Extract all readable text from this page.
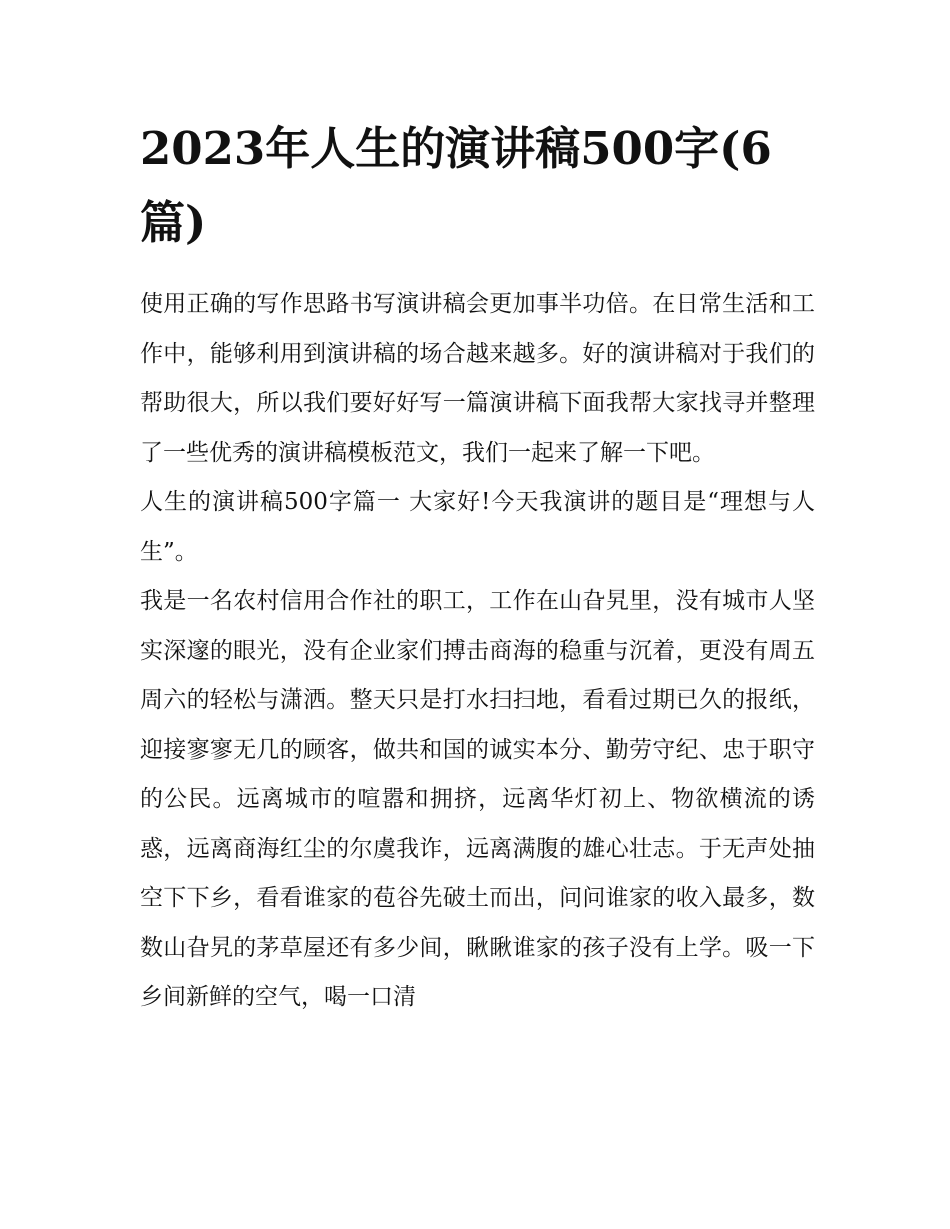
2023年人生的演讲稿500字(6篇)

使用正确的写作思路书写演讲稿会更加事半功倍。在日常生活和工作中，能够利用到演讲稿的场合越来越多。好的演讲稿对于我们的帮助很大，所以我们要好好写一篇演讲稿下面我帮大家找寻并整理了一些优秀的演讲稿模板范文，我们一起来了解一下吧。

人生的演讲稿500字篇一 大家好!今天我演讲的题目是“理想与人生”。

我是一名农村信用合作社的职工，工作在山旮旯里，没有城市人坚实深邃的眼光，没有企业家们搏击商海的稳重与沉着，更没有周五周六的轻松与潇洒。整天只是打水扫扫地，看看过期已久的报纸，迎接寥寥无几的顾客，做共和国的诚实本分、勤劳守纪、忠于职守的公民。远离城市的喧嚣和拥挤，远离华灯初上、物欲横流的诱惑，远离商海红尘的尔虞我诈，远离满腹的雄心壮志。于无声处抽空下下乡，看看谁家的苞谷先破土而出，问问谁家的收入最多，数数山旮旯的茅草屋还有多少间，瞅瞅谁家的孩子没有上学。吸一下乡间新鲜的空气，喝一口清
